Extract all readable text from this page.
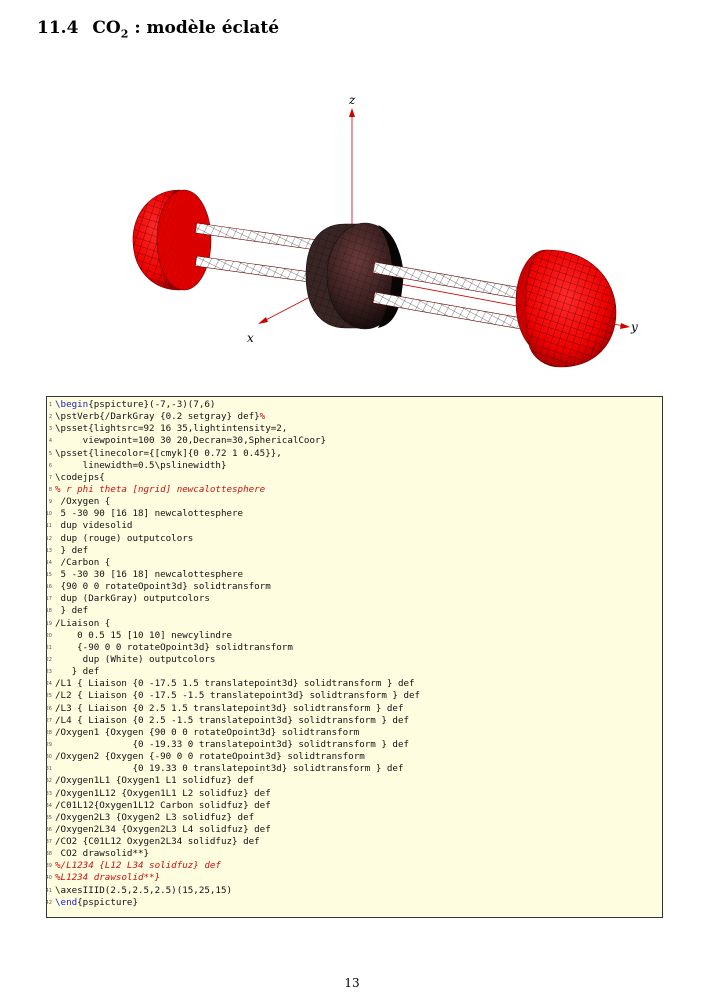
11.4 $CO_2$ : modèle éclaté
z
x
y
1
2
3
4
5
6
7
8
9
10
11
12
13
14
15
16
17
18
19
20
21
22
23
24
25
26
27
28
29
30
31
32
33
34
35
36
37
38
39
40
41
42
\begin{pspicture}(-7,-3)(7,6)
\pstVerb{/DarkGray {0.2 setgray} def}%
\psset{lightsrc=92 16 35,lightintensity=2,
viewpoint=100 30 20,Decran=30,SphericalCoor}
\psset{linecolor={[cmyk]{0 0.72 1 0.45}},
linewidth=0.5\pslinewidth}
\codejps{
% r phi theta [ngrid] newcalottesphere
/Oxygen {
5 -30 90 [16 18] newcalottesphere
dup videsolid
dup (rouge) outputcolors
} def
/Carbon {
5 -30 30 [16 18] newcalottesphere
{90 0 0 rotateOpoint3d} solidtransform
dup (DarkGray) outputcolors
} def
/Liaison {
0 0.5 15 [10 10] newcylindre
{-90 0 0 rotateOpoint3d} solidtransform
dup (White) outputcolors
} def
/L1 { Liaison {0 -17.5 1.5 translatepoint3d} solidtransform } def
/L2 { Liaison {0 -17.5 -1.5 translatepoint3d} solidtransform } def
/L3 { Liaison {0 2.5 1.5 translatepoint3d} solidtransform } def
/L4 { Liaison {0 2.5 -1.5 translatepoint3d} solidtransform } def
/Oxygen1 {Oxygen {90 0 0 rotateOpoint3d} solidtransform
{0 -19.33 0 translatepoint3d} solidtransform } def
/Oxygen2 {Oxygen {-90 0 0 rotateOpoint3d} solidtransform
{0 19.33 0 translatepoint3d} solidtransform } def
/Oxygen1L1 {Oxygen1 L1 solidfuz} def
/Oxygen1L12 {Oxygen1L1 L2 solidfuz} def
/C01L12{Oxygen1L12 Carbon solidfuz} def
/Oxygen2L3 {Oxygen2 L3 solidfuz} def
/Oxygen2L34 {Oxygen2L3 L4 solidfuz} def
/CO2 {C01L12 Oxygen2L34 solidfuz} def
CO2 drawsolid**}
%/L1234 {L12 L34 solidfuz} def
%L1234 drawsolid**}
\axesIIID(2.5,2.5,2.5)(15,25,15)
\end{pspicture}
13
